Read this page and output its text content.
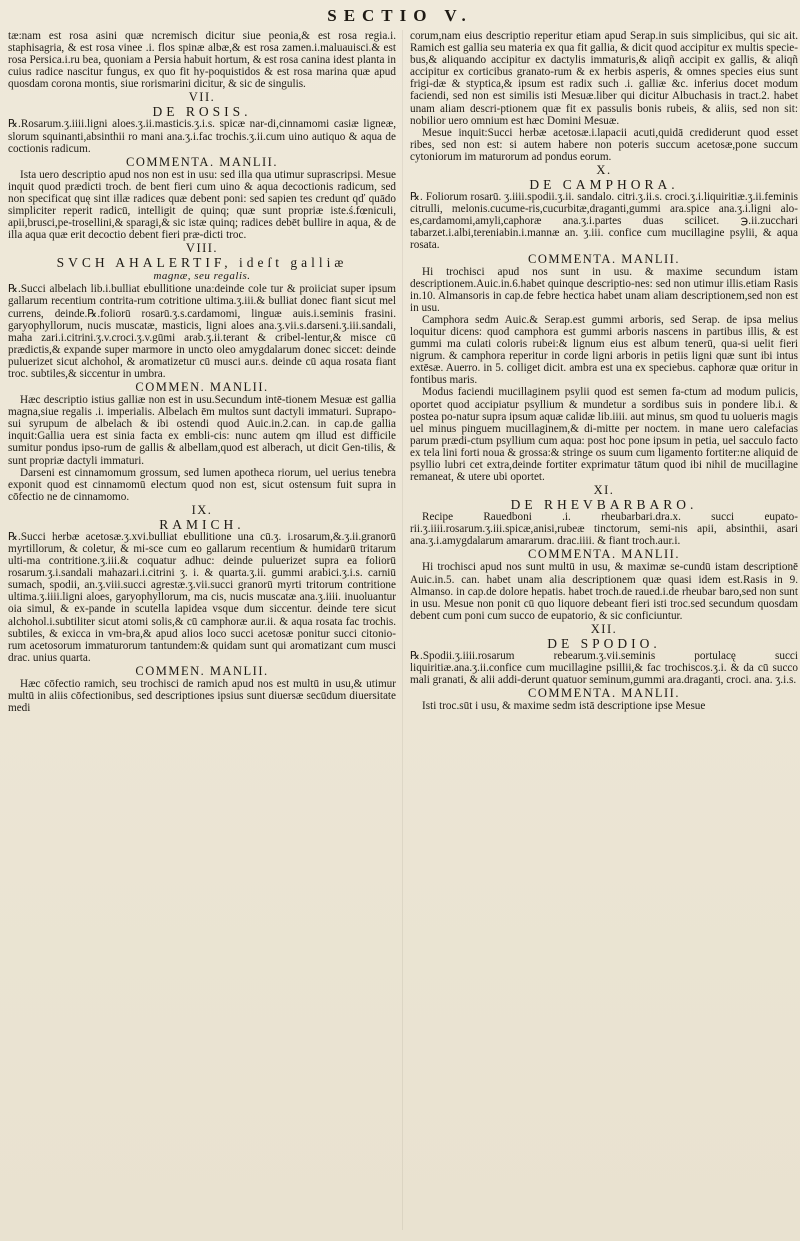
SECTIO V.

tæ:nam est rosa asini quæ ncremisch dicitur siue peonia,& est rosa regia.i. staphisagria, & est rosa vinee .i. flos spinæ albæ,& est rosa zamen.i.maluauisci.& est rosa Persica.i.ru bea, quoniam a Persia habuit hortum, & est rosa canina idest planta in cuius radice nascitur fungus, ex quo fit hy-poquistidos & est rosa marina quæ apud quosdam corona montis, siue rorismarini dicitur, & sic de singulis.

VII.
DE ROSIS.

℞.Rosarum.ʒ.iiii.ligni aloes.ʒ.ii.masticis.ʒ.i.s. spicæ nar-di,cinnamomi casiæ ligneæ, slorum squinanti,absinthii ro mani ana.ʒ.i.fac trochis.ʒ.ii.cum uino autiquo & aqua de coctionis radicum.

COMMENTA. MANLII.

Ista uero descriptio apud nos non est in usu: sed illa qua utimur suprascripsi. Mesue inquit quod prædicti troch. de bent fieri cum uino & aqua decoctionis radicum, sed non specificat quę sint illæ radices quæ debent poni: sed sapien tes credunt qď quādo simpliciter reperit radicū, intelligit de quinq; quæ sunt propriæ iste.ś.fœniculi, apii,brusci,pe-trosellini,& sparagi,& sic istæ quinq; radices debēt bullire in aqua, & de illa aqua quæ erit decoctio debent fieri præ-dicti troc.

VIII.
SVCH AHALERTIF, ideſt galliæ
magnæ, seu regalis.

℞.Succi albelach lib.i.bulliat ebullitione una:deinde cole tur & proiiciat super ipsum gallarum recentium contrita-rum cotritione ultima.ʒ.iii.& bulliat donec fiant sicut mel currens, deinde.℞.foliorū rosarū.ʒ.s.cardamomi, linguæ auis.i.seminis frasini. garyophyllorum, nucis muscatæ, masticis, ligni aloes ana.ʒ.vii.s.darseni.ʒ.iii.sandali, maha zari.i.citrini.ʒ.v.croci.ʒ.v.gūmi arab.ʒ.ii.terant & cribel-lentur,& misce cū prædictis,& expande super marmore in uncto oleo amygdalarum donec siccet: deinde puluerizet sicut alchohol, & aromatizetur cū musci aur.s. deinde cū aqua rosata fiant troc. subtiles,& siccentur in umbra.

COMMEN. MANLII.

Hæc descriptio istius galliæ non est in usu.Secundum intē-tionem Mesuæ est gallia magna,siue regalis .i. imperialis. Albelach ēm multos sunt dactyli immaturi. Suprapo-sui syrupum de albelach & ibi ostendi quod Auic.in.2.can. in cap.de gallia inquit:Gallia uera est sinia facta ex embli-cis: nunc autem qm illud est difficile sumitur pondus ipso-rum de gallis & albellam,quod est alberach, ut dicit Gen-tilis, & sunt propriæ dactyli immaturi.

Darseni est cinnamomum grossum, sed lumen apotheca riorum, uel uerius tenebra exponit quod est cinnamomū electum quod non est, sicut ostensum fuit supra in cōfectio ne de cinnamomo.

IX.
RAMICH.

℞.Succi herbæ acetosæ.ʒ.xvi.bulliat ebullitione una cū.ʒ. i.rosarum,&.ʒ.ii.granorū myrtillorum, & coletur, & mi-sce cum eo gallarum recentium & humidarū tritarum ulti-ma contritione.ʒ.iii.& coquatur adhuc: deinde puluerizet supra ea foliorū rosarum.ʒ.i.sandali mahazari.i.citrini ʒ. i. & quarta.ʒ.ii. gummi arabici.ʒ.i.s. carniū sumach, spodii, an.ʒ.viii.succi agrestæ.ʒ.vii.succi granorū myrti tritorum contritione ultima.ʒ.iiii.ligni aloes, garyophyllorum, ma cis, nucis muscatæ ana.ʒ.iiii. inuoluantur oia simul, & ex-pande in scutella lapidea vsque dum siccentur. deinde tere sicut alchohol.i.subtiliter sicut atomi solis,& cū camphoræ aur.ii. & aqua rosata fac trochis. subtiles, & exicca in vm-bra,& apud alios loco succi acetosæ ponitur succi citonio-rum acetosorum immaturorum tantundem:& quidam sunt qui aromatizant cum musci drac. unius quarta.

COMMEN. MANLII.

Hæc cōfectio ramich, seu trochisci de ramich apud nos est multū in usu,& utimur multū in aliis cōfectionibus, sed descriptiones ipsius sunt diuersæ secūdum diuersitate medi

corum,nam eius descriptio reperitur etiam apud Serap.in suis simplicibus, qui sic ait. Ramich est gallia seu materia ex qua fit gallia, & dicit quod accipitur ex multis specie-bus,& aliquando accipitur ex dactylis immaturis,& aliqñ accipit ex gallis, & aliqñ accipitur ex corticibus granato-rum & ex herbis asperis, & omnes species eius sunt frigi-dæ & styptica,& ipsum est radix such .i. galliæ &c. inferius docet modum faciendi, sed non est similis isti Mesuæ.liber qui dicitur Albuchasis in tract.2. habet unam aliam descri-ptionem quæ fit ex passulis bonis rubeis, & aliis, sed non sit: nobilior uero omnium est hæc Domini Mesuæ.

Mesue inquit:Succi herbæ acetosæ.i.lapacii acuti,quidā crediderunt quod esset ribes, sed non est: si autem habere non poteris succum acetosæ,pone succum cytoniorum im maturorum ad pondus eorum.

X.
DE CAMPHORA.

℞. Foliorum rosarū. ʒ.iiii.spodii.ʒ.ii. sandalo. citri.ʒ.ii.s. croci.ʒ.i.liquiritiæ.ʒ.ii.feminis citrulli, melonis.cucume-ris,cucurbitæ,draganti,gummi ara.spice ana.ʒ.i.ligni alo-es,cardamomi,amyli,caphoræ ana.ʒ.i.partes duas scilicet. ℈.ii.zucchari tabarzet.i.albi,tereniabin.i.mannæ an. ʒ.iii. confice cum mucillagine psylii, & aqua rosata.

COMMENTA. MANLII.

Hi trochisci apud nos sunt in usu. & maxime secundum istam descriptionem.Auic.in.6.habet quinque descriptio-nes: sed non utimur illis.etiam Rasis in.10. Almansoris in cap.de febre hectica habet unam aliam descriptionem,sed non est in usu.

Camphora sedm Auic.& Serap.est gummi arboris, sed Serap. de ipsa melius loquitur dicens: quod camphora est gummi arboris nascens in partibus illis, & est gummi ma culati coloris rubei:& lignum eius est album tenerū, qua-si uelit fieri nigrum. & camphora reperitur in corde ligni arboris in petiis ligni quæ sunt ibi intus extēsæ. Auerro. in 5. colliget dicit. ambra est una ex speciebus. caphoræ quæ oritur in fontibus maris.

Modus faciendi mucillaginem psylii quod est semen fa-ctum ad modum pulicis, oportet quod accipiatur psyllium & mundetur a sordibus suis in pondere lib.i. & postea po-natur supra ipsum aquæ calidæ lib.iiii. aut minus, sm quod tu uolueris magis uel minus pinguem mucillaginem,& di-mitte per noctem. in mane uero calefacias parum prædi-ctum psyllium cum aqua: post hoc pone ipsum in petia, uel sacculo facto ex tela lini forti noua & grossa:& stringe os suum cum ligamento fortiter:ne aliquid de psyllio lubri cet extra,deinde fortiter exprimatur tātum quod ibi nihil de mucillagine remaneat, & utere ubi oportet.

XI.
DE RHEVBARBARO.

Recipe Rauedboni .i. rheubarbari.dra.x. succi eupato-rii.ʒ.iiii.rosarum.ʒ.iii.spicæ,anisi,rubeæ tinctorum, semi-nis apii, absinthii, asari ana.ʒ.i.amygdalarum amararum. drac.iiii. & fiant troch.aur.i.

COMMENTA. MANLII.

Hi trochisci apud nos sunt multū in usu, & maximæ se-cundū istam descriptionē Auic.in.5. can. habet unam alia descriptionem quæ quasi idem est.Rasis in 9. Almanso. in cap.de dolore hepatis. habet troch.de raued.i.de rheubar baro,sed non sunt in usu. Mesue non ponit cū quo liquore debeant fieri isti troc.sed secundum quosdam debent cum poni cum succo de eupatorio, & sic conficiuntur.

XII.
DE SPODIO.

℞.Spodii.ʒ.iiii.rosarum rebearum.ʒ.vii.seminis portulacę succi liquiritiæ.ana.ʒ.ii.confice cum mucillagine psillii,& fac trochiscos.ʒ.i. & da cū succo mali granati, & alii addi-derunt quatuor seminum,gummi ara.draganti, croci. ana. ʒ.i.s.

COMMENTA. MANLII.

Isti troc.sūt i usu, & maxime sedm istā descriptione ipse Mesue
